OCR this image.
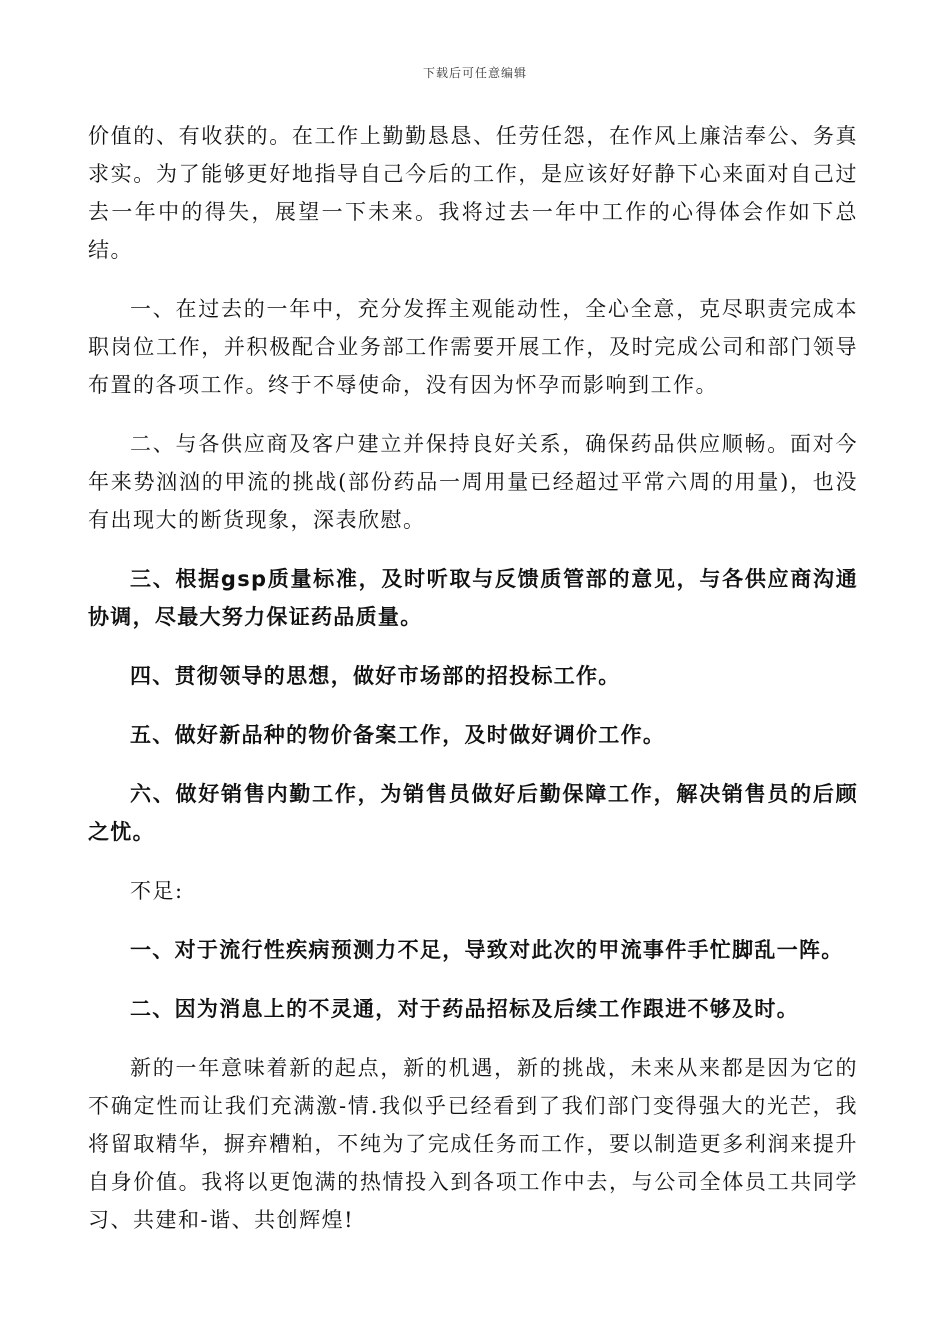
下载后可任意编辑

价值的、有收获的。在工作上勤勤恳恳、任劳任怨，在作风上廉洁奉公、务真求实。为了能够更好地指导自己今后的工作，是应该好好静下心来面对自己过去一年中的得失，展望一下未来。我将过去一年中工作的心得体会作如下总结。

一、在过去的一年中，充分发挥主观能动性，全心全意，克尽职责完成本职岗位工作，并积极配合业务部工作需要开展工作，及时完成公司和部门领导布置的各项工作。终于不辱使命，没有因为怀孕而影响到工作。

二、与各供应商及客户建立并保持良好关系，确保药品供应顺畅。面对今年来势汹汹的甲流的挑战(部份药品一周用量已经超过平常六周的用量)，也没有出现大的断货现象，深表欣慰。

三、根据gsp质量标准，及时听取与反馈质管部的意见，与各供应商沟通协调，尽最大努力保证药品质量。

四、贯彻领导的思想，做好市场部的招投标工作。

五、做好新品种的物价备案工作，及时做好调价工作。

六、做好销售内勤工作，为销售员做好后勤保障工作，解决销售员的后顾之忧。

不足:

一、对于流行性疾病预测力不足，导致对此次的甲流事件手忙脚乱一阵。

二、因为消息上的不灵通，对于药品招标及后续工作跟进不够及时。

新的一年意味着新的起点，新的机遇，新的挑战，未来从来都是因为它的不确定性而让我们充满激-情.我似乎已经看到了我们部门变得强大的光芒，我将留取精华，摒弃糟粕，不纯为了完成任务而工作，要以制造更多利润来提升自身价值。我将以更饱满的热情投入到各项工作中去，与公司全体员工共同学习、共建和-谐、共创辉煌!
